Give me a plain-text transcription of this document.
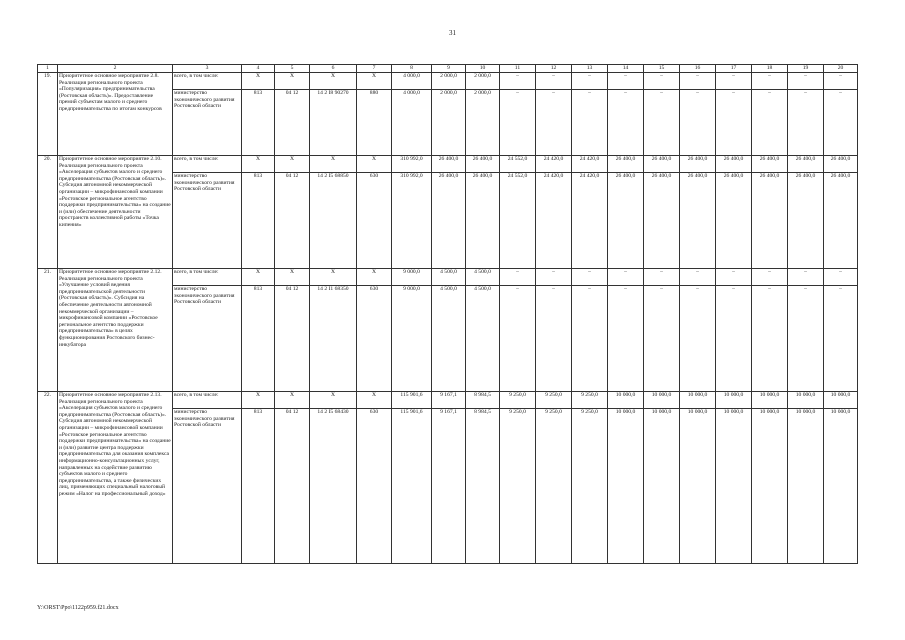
31
1	2	3	4	5	6	7	8	9	10	11	12	13	14	15	16	17	18	19	20
19.	Приоритетное основное мероприятие 2.8. Реализация регионального проекта «Популяризация» предпринимательства (Ростовская область)». Предоставление премий субъектам малого и среднего предпринимательства по итогам конкурсов	всего, в том числе:	X	X	X	X	4 000,0	2 000,0	2 000,0	–	–	–	–	–	–	–	–	–	–
		министерство экономического развития Ростовской области	813	04 12	14 2 I8 90270	880	4 000,0	2 000,0	2 000,0	–	–	–	–	–	–	–	–	–	–
20.	Приоритетное основное мероприятие 2.10. Реализация регионального проекта «Акселерация субъектов малого и среднего предпринимательства (Ростовская область)». Субсидия автономной некоммерческой организации – микрофинансовой компании «Ростовское региональное агентство поддержки предпринимательства» на создание и (или) обеспечение деятельности пространств коллективной работы «Точка кипения»	всего, в том числе:	X	X	X	X	310 992,0	26 400,0	26 400,0	24 552,0	24 420,0	24 420,0	26 400,0	26 400,0	26 400,0	26 400,0	26 400,0	26 400,0	26 400,0
		министерство экономического развития Ростовской области	813	04 12	14 2 I5 68850	630	310 992,0	26 400,0	26 400,0	24 552,0	24 420,0	24 420,0	26 400,0	26 400,0	26 400,0	26 400,0	26 400,0	26 400,0	26 400,0
21.	Приоритетное основное мероприятие 2.12. Реализация регионального проекта «Улучшение условий ведения предпринимательской деятельности (Ростовская область)». Субсидия на обеспечение деятельности автономной некоммерческой организации – микрофинансовой компании «Ростовское региональное агентство поддержки предпринимательства» в целях функционирования Ростовского бизнес-инкубатора	всего, в том числе:	X	X	X	X	9 000,0	4 500,0	4 500,0	–	–	–	–	–	–	–	–	–	–
		министерство экономического развития Ростовской области	813	04 12	14 2 I1 68350	630	9 000,0	4 500,0	4 500,0	–	–	–	–	–	–	–	–	–	–
22.	Приоритетное основное мероприятие 2.13. Реализация регионального проекта «Акселерация субъектов малого и среднего предпринимательства (Ростовская область)». Субсидия автономной некоммерческой организации – микрофинансовой компании «Ростовское региональное агентство поддержки предпринимательства» на создание и (или) развитие центра поддержки предпринимательства для оказания комплекса информационно-консультационных услуг, направленных на содействие развитию субъектов малого и среднего предпринимательства, а также физических лиц, применяющих специальный налоговый режим «Налог на профессиональный доход»	всего, в том числе:	X	X	X	X	115 901,6	9 167,1	8 984,5	9 250,0	9 250,0	9 250,0	10 000,0	10 000,0	10 000,0	10 000,0	10 000,0	10 000,0	10 000,0
		министерство экономического развития Ростовской области	813	04 12	14 2 I5 68430	630	115 901,6	9 167,1	8 984,5	9 250,0	9 250,0	9 250,0	10 000,0	10 000,0	10 000,0	10 000,0	10 000,0	10 000,0	10 000,0
Y:\ORST\Ppo\1122p959.f21.docx
